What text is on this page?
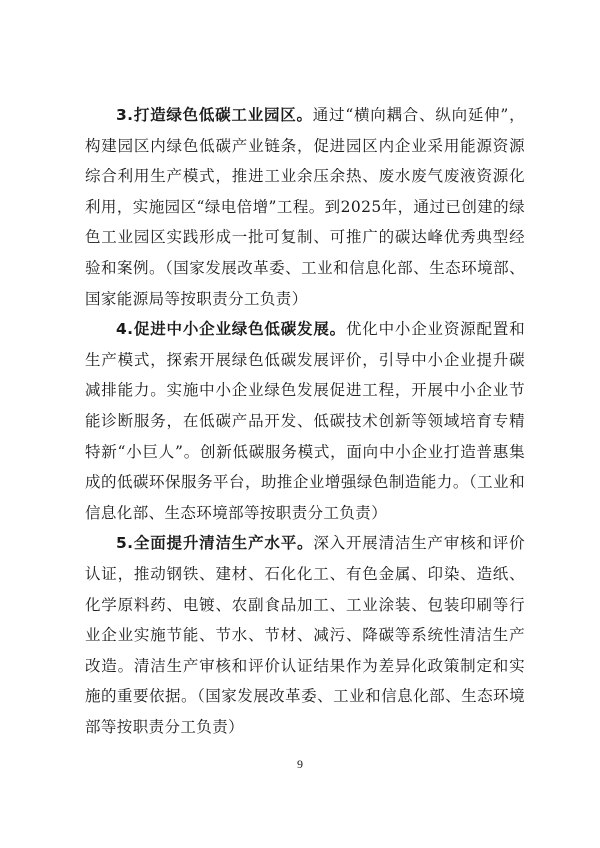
3.打造绿色低碳工业园区。通过“横向耦合、纵向延伸”，构建园区内绿色低碳产业链条，促进园区内企业采用能源资源综合利用生产模式，推进工业余压余热、废水废气废液资源化利用，实施园区“绿电倍增”工程。到2025年，通过已创建的绿色工业园区实践形成一批可复制、可推广的碳达峰优秀典型经验和案例。（国家发展改革委、工业和信息化部、生态环境部、国家能源局等按职责分工负责）

4.促进中小企业绿色低碳发展。优化中小企业资源配置和生产模式，探索开展绿色低碳发展评价，引导中小企业提升碳减排能力。实施中小企业绿色发展促进工程，开展中小企业节能诊断服务，在低碳产品开发、低碳技术创新等领域培育专精特新“小巨人”。创新低碳服务模式，面向中小企业打造普惠集成的低碳环保服务平台，助推企业增强绿色制造能力。（工业和信息化部、生态环境部等按职责分工负责）

5.全面提升清洁生产水平。深入开展清洁生产审核和评价认证，推动钢铁、建材、石化化工、有色金属、印染、造纸、化学原料药、电镀、农副食品加工、工业涂装、包装印刷等行业企业实施节能、节水、节材、减污、降碳等系统性清洁生产改造。清洁生产审核和评价认证结果作为差异化政策制定和实施的重要依据。（国家发展改革委、工业和信息化部、生态环境部等按职责分工负责）

9
